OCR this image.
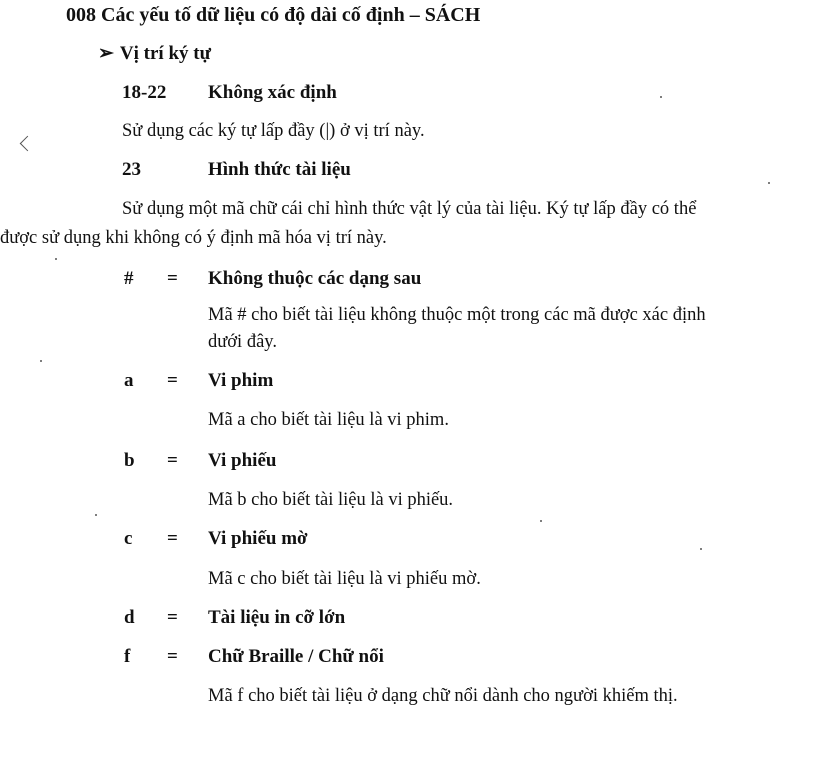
008 Các yếu tố dữ liệu có độ dài cố định – SÁCH
➢ Vị trí ký tự
18-22 Không xác định
Sử dụng các ký tự lấp đầy (|) ở vị trí này.
23	Hình thức tài liệu
Sử dụng một mã chữ cái chỉ hình thức vật lý của tài liệu. Ký tự lấp đầy có thể được sử dụng khi không có ý định mã hóa vị trí này.
# = Không thuộc các dạng sau
Mã # cho biết tài liệu không thuộc một trong các mã được xác định dưới đây.
a = Vi phim
Mã a cho biết tài liệu là vi phim.
b = Vi phiếu
Mã b cho biết tài liệu là vi phiếu.
c = Vi phiếu mờ
Mã c cho biết tài liệu là vi phiếu mờ.
d = Tài liệu in cỡ lớn
f = Chữ Braille / Chữ nổi
Mã f cho biết tài liệu ở dạng chữ nổi dành cho người khiếm thị.
